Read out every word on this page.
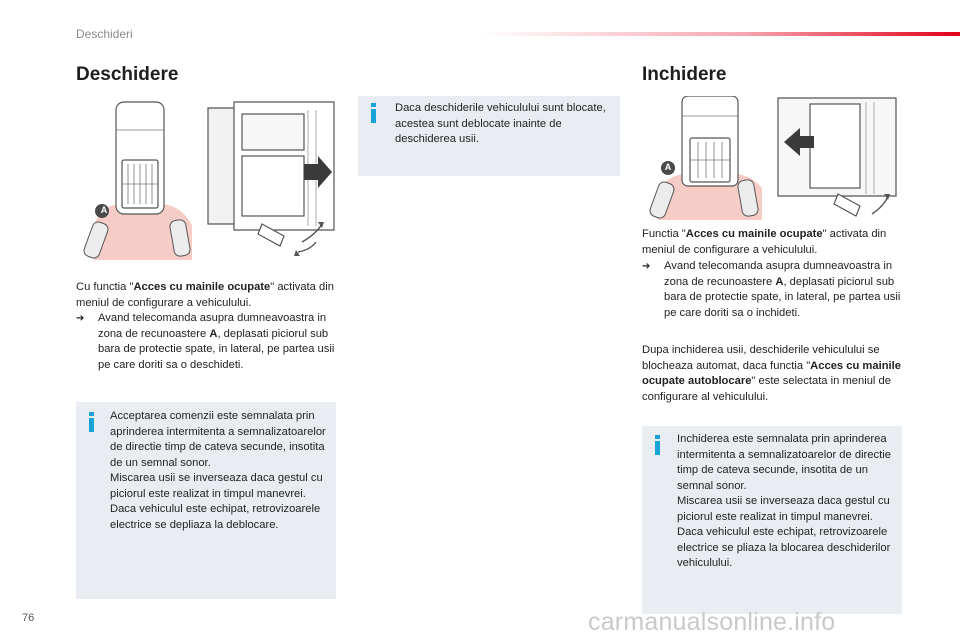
Deschideri
Deschidere
A
Cu functia "Acces cu mainile ocupate" activata din meniul de configurare a vehiculului.
➔	Avand telecomanda asupra dumneavoastra in zona de recunoastere A, deplasati piciorul sub bara de protectie spate, in lateral, pe partea usii pe care doriti sa o deschideti.

Acceptarea comenzii este semnalata prin aprinderea intermitenta a semnalizatoarelor de directie timp de cateva secunde, insotita de un semnal sonor.

Miscarea usii se inverseaza daca gestul cu piciorul este realizat in timpul manevrei.

Daca vehiculul este echipat, retrovizoarele electrice se depliaza la deblocare.

Daca deschiderile vehiculului sunt blocate, acestea sunt deblocate inainte de deschiderea usii.

Inchidere
A
Functia "Acces cu mainile ocupate" activata din meniul de configurare a vehiculului.
➔	Avand telecomanda asupra dumneavoastra in zona de recunoastere A, deplasati piciorul sub bara de protectie spate, in lateral, pe partea usii pe care doriti sa o inchideti.
Dupa inchiderea usii, deschiderile vehiculului se blocheaza automat, daca functia "Acces cu mainile ocupate autoblocare" este selectata in meniul de configurare al vehiculului.

Inchiderea este semnalata prin aprinderea intermitenta a semnalizatoarelor de directie timp de cateva secunde, insotita de un semnal sonor.

Miscarea usii se inverseaza daca gestul cu piciorul este realizat in timpul manevrei.

Daca vehiculul este echipat, retrovizoarele electrice se pliaza la blocarea deschiderilor vehiculului.

76	carmanualsonline.info
